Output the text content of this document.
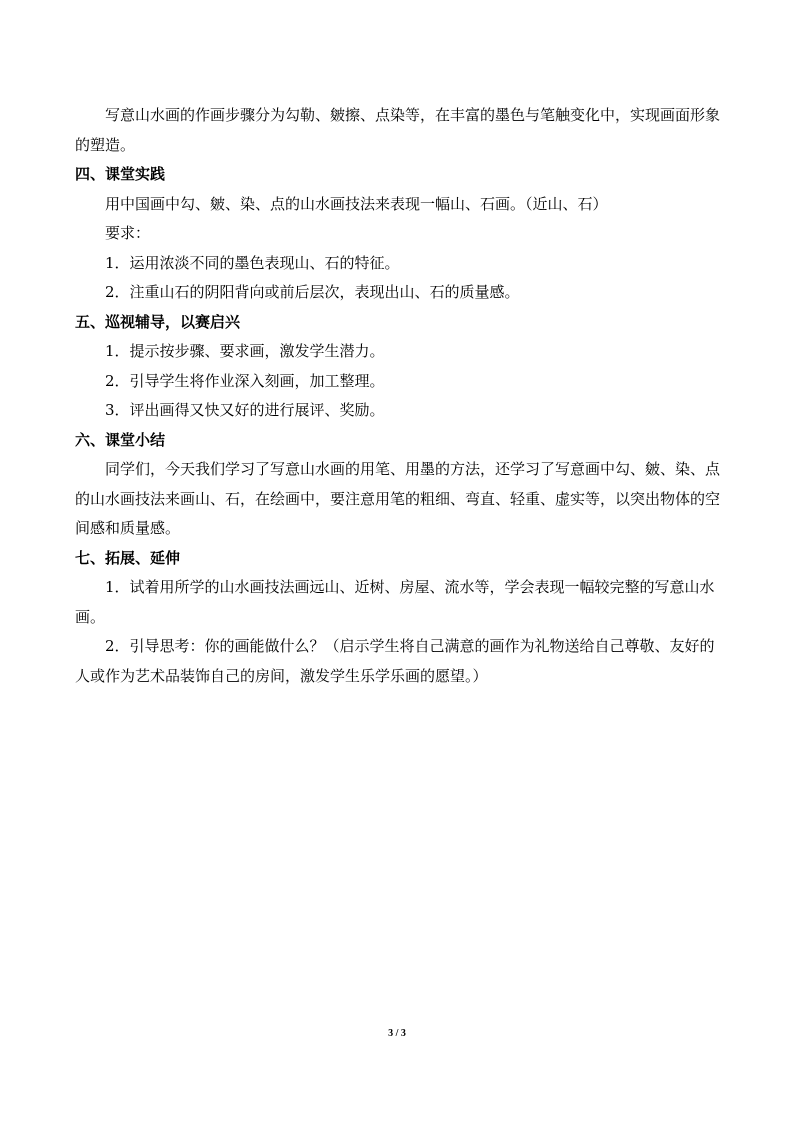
写意山水画的作画步骤分为勾勒、皴擦、点染等，在丰富的墨色与笔触变化中，实现画面形象的塑造。

四、课堂实践

用中国画中勾、皴、染、点的山水画技法来表现一幅山、石画。（近山、石）

要求：

1．运用浓淡不同的墨色表现山、石的特征。

2．注重山石的阴阳背向或前后层次，表现出山、石的质量感。

五、巡视辅导，以赛启兴

1．提示按步骤、要求画，激发学生潜力。

2．引导学生将作业深入刻画，加工整理。

3．评出画得又快又好的进行展评、奖励。

六、课堂小结

同学们，今天我们学习了写意山水画的用笔、用墨的方法，还学习了写意画中勾、皴、染、点的山水画技法来画山、石，在绘画中，要注意用笔的粗细、弯直、轻重、虚实等，以突出物体的空间感和质量感。

七、拓展、延伸

1．试着用所学的山水画技法画远山、近树、房屋、流水等，学会表现一幅较完整的写意山水画。

2．引导思考：你的画能做什么？（启示学生将自己满意的画作为礼物送给自己尊敬、友好的人或作为艺术品装饰自己的房间，激发学生乐学乐画的愿望。）

3 / 3
